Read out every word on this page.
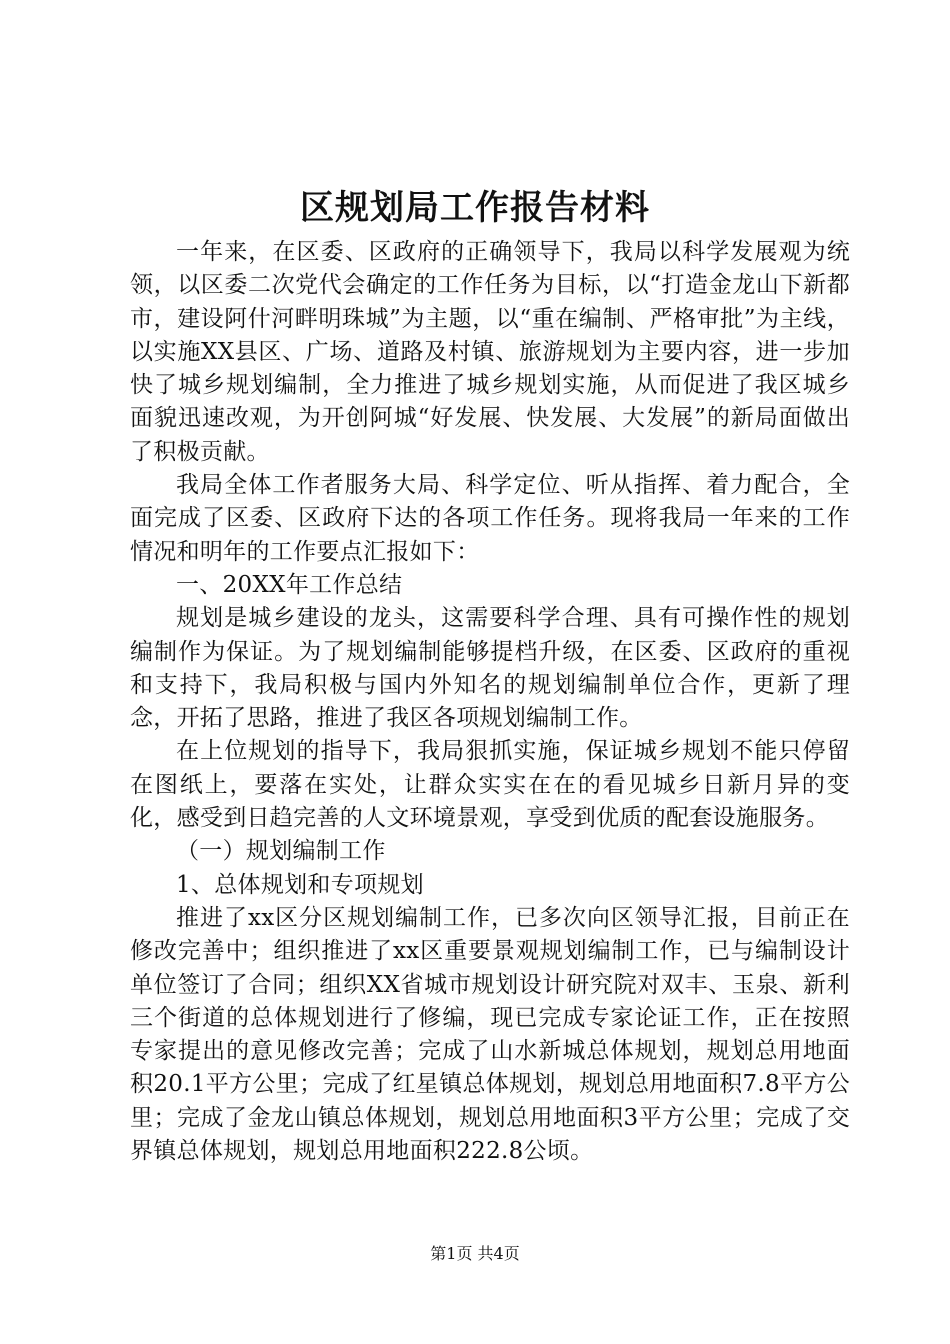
区规划局工作报告材料

一年来，在区委、区政府的正确领导下，我局以科学发展观为统领，以区委二次党代会确定的工作任务为目标，以“打造金龙山下新都市，建设阿什河畔明珠城”为主题，以“重在编制、严格审批”为主线，以实施XX县区、广场、道路及村镇、旅游规划为主要内容，进一步加快了城乡规划编制，全力推进了城乡规划实施，从而促进了我区城乡面貌迅速改观，为开创阿城“好发展、快发展、大发展”的新局面做出了积极贡献。

我局全体工作者服务大局、科学定位、听从指挥、着力配合，全面完成了区委、区政府下达的各项工作任务。现将我局一年来的工作情况和明年的工作要点汇报如下：

一、20XX年工作总结

规划是城乡建设的龙头，这需要科学合理、具有可操作性的规划编制作为保证。为了规划编制能够提档升级，在区委、区政府的重视和支持下，我局积极与国内外知名的规划编制单位合作，更新了理念，开拓了思路，推进了我区各项规划编制工作。

在上位规划的指导下，我局狠抓实施，保证城乡规划不能只停留在图纸上，要落在实处，让群众实实在在的看见城乡日新月异的变化，感受到日趋完善的人文环境景观，享受到优质的配套设施服务。

（一）规划编制工作

1、总体规划和专项规划

推进了xx区分区规划编制工作，已多次向区领导汇报，目前正在修改完善中；组织推进了xx区重要景观规划编制工作，已与编制设计单位签订了合同；组织XX省城市规划设计研究院对双丰、玉泉、新利三个街道的总体规划进行了修编，现已完成专家论证工作，正在按照专家提出的意见修改完善；完成了山水新城总体规划，规划总用地面积20.1平方公里；完成了红星镇总体规划，规划总用地面积7.8平方公里；完成了金龙山镇总体规划，规划总用地面积3平方公里；完成了交界镇总体规划，规划总用地面积222.8公顷。

第1页 共4页
